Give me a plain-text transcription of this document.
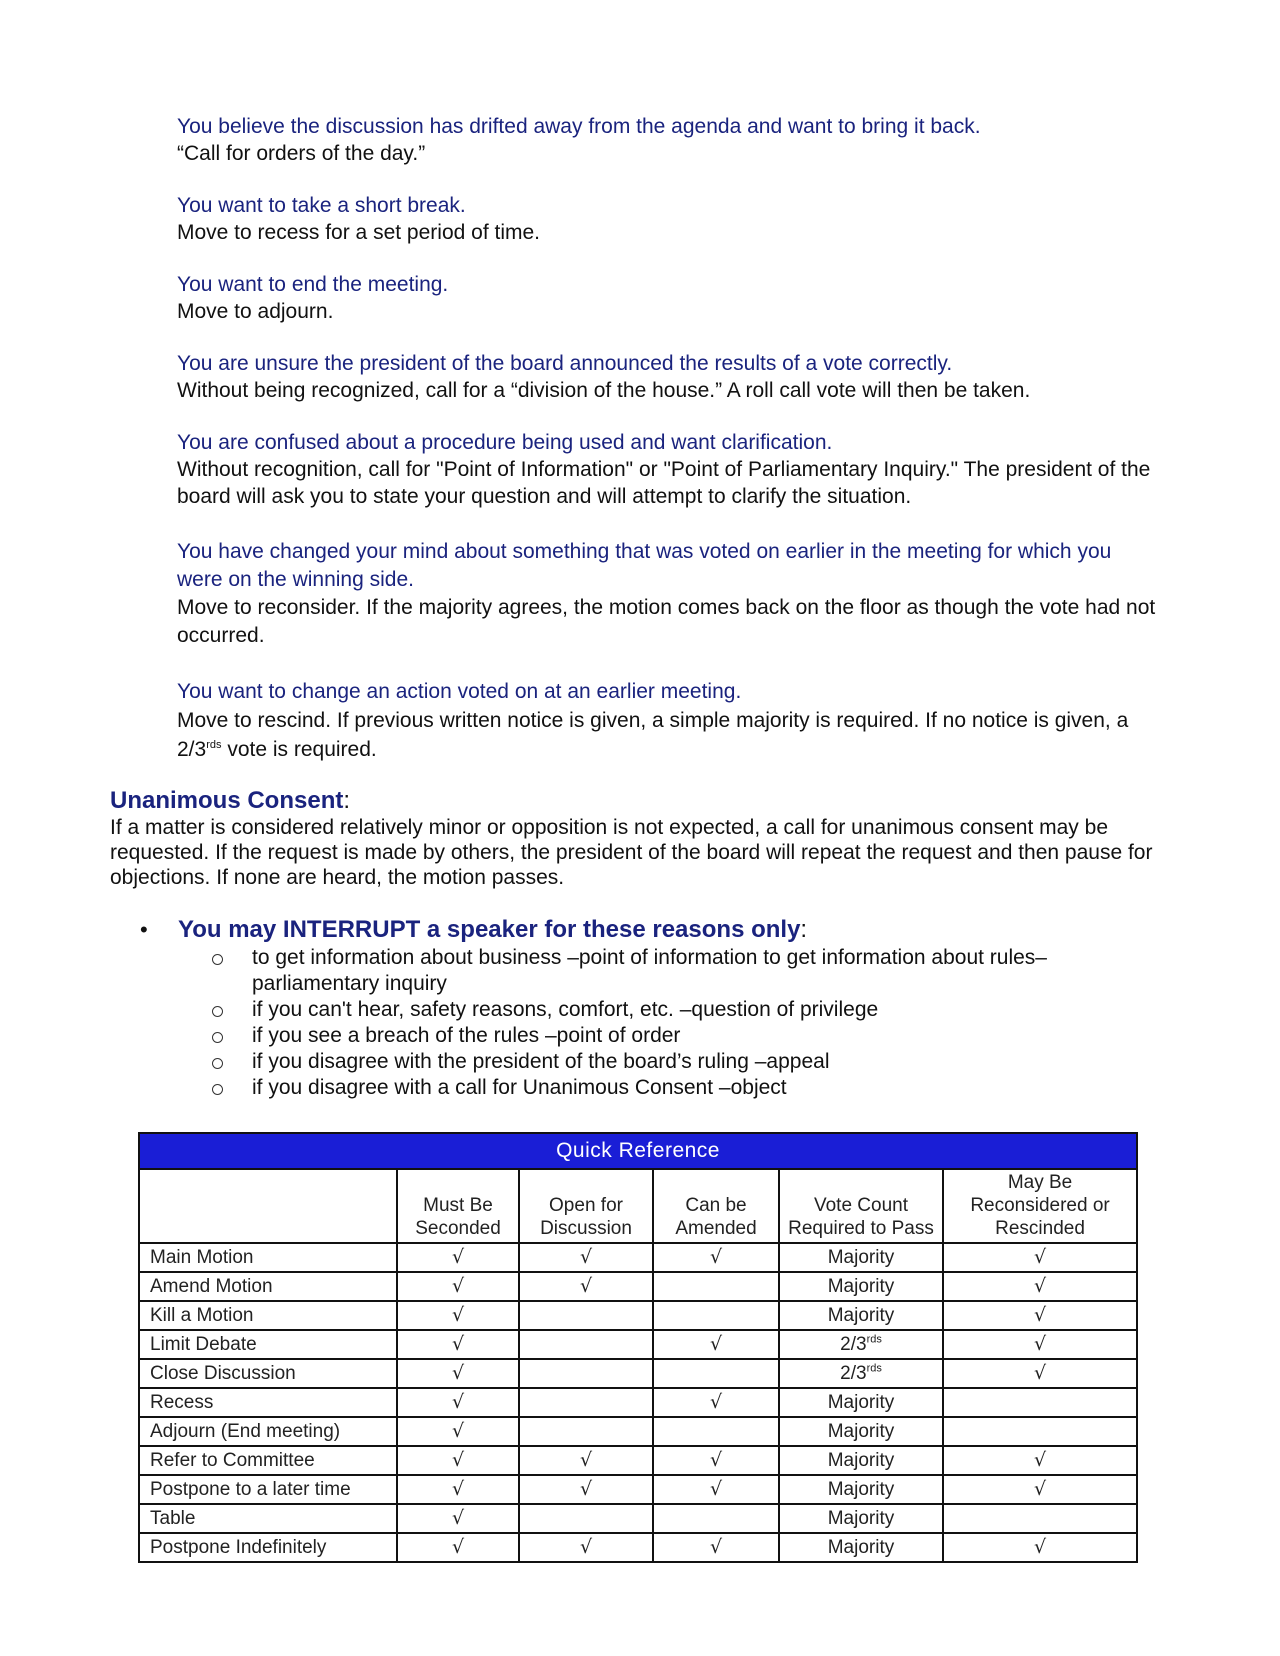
You believe the discussion has drifted away from the agenda and want to bring it back.
“Call for orders of the day.”
You want to take a short break.
Move to recess for a set period of time.
You want to end the meeting.
Move to adjourn.
You are unsure the president of the board announced the results of a vote correctly.
Without being recognized, call for a “division of the house.” A roll call vote will then be taken.
You are confused about a procedure being used and want clarification.
Without recognition, call for "Point of Information" or "Point of Parliamentary Inquiry." The president of the board will ask you to state your question and will attempt to clarify the situation.
You have changed your mind about something that was voted on earlier in the meeting for which you were on the winning side.
Move to reconsider. If the majority agrees, the motion comes back on the floor as though the vote had not occurred.
You want to change an action voted on at an earlier meeting.
Move to rescind. If previous written notice is given, a simple majority is required. If no notice is given, a $2/3^{rds}$ vote is required.
Unanimous Consent:
If a matter is considered relatively minor or opposition is not expected, a call for unanimous consent may be requested. If the request is made by others, the president of the board will repeat the request and then pause for objections. If none are heard, the motion passes.
• You may INTERRUPT a speaker for these reasons only:
to get information about business –point of information to get information about rules– parliamentary inquiry
if you can't hear, safety reasons, comfort, etc. –question of privilege
if you see a breach of the rules –point of order
if you disagree with the president of the board’s ruling –appeal
if you disagree with a call for Unanimous Consent –object
Quick Reference					
	Must Be Seconded	Open for Discussion	Can be Amended	Vote Count Required to Pass	May Be Reconsidered or Rescinded
Main Motion	√	√	√	Majority	√
Amend Motion	√	√		Majority	√
Kill a Motion	√			Majority	√
Limit Debate	√		√	$2/3^{rds}$	√
Close Discussion	√			$2/3^{rds}$	√
Recess	√		√	Majority	
Adjourn (End meeting)	√			Majority	
Refer to Committee	√	√	√	Majority	√
Postpone to a later time	√	√	√	Majority	√
Table	√			Majority	
Postpone Indefinitely	√	√	√	Majority	√
